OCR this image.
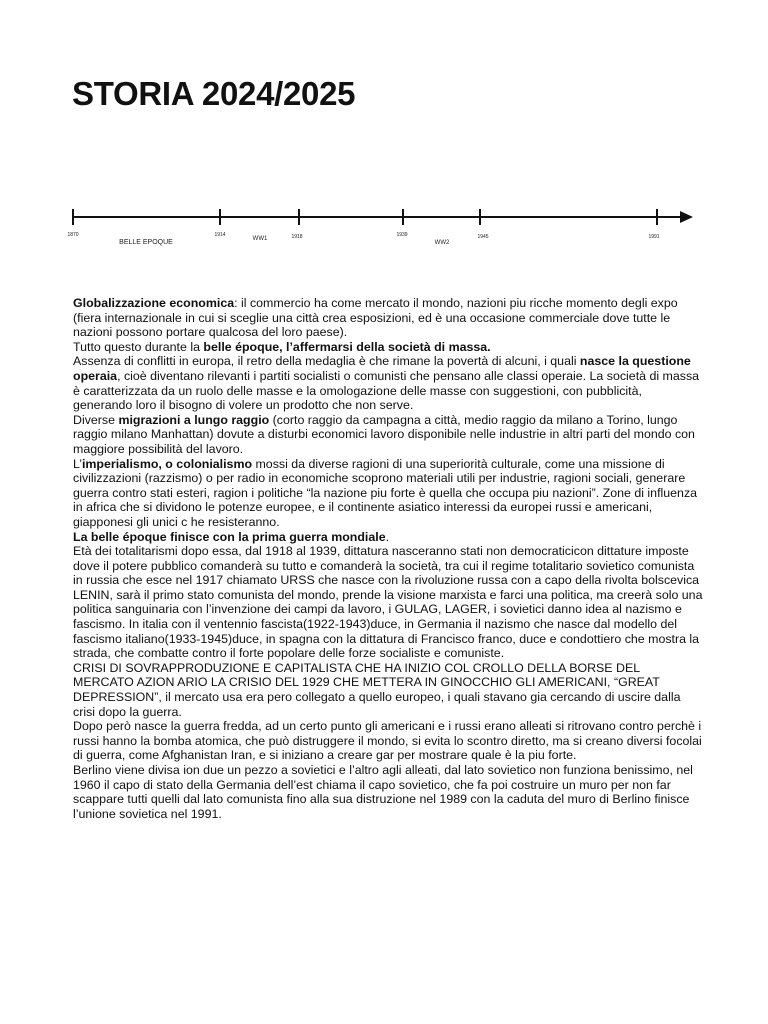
STORIA 2024/2025
1870	1914	1918	1939	1945	1991
BELLE EPOQUE	WW1
WW2

Globalizzazione economica: il commercio ha come mercato il mondo, nazioni piu ricche momento degli expo (fiera internazionale in cui si sceglie una città crea esposizioni, ed è una occasione commerciale dove tutte le nazioni possono portare qualcosa del loro paese).

Tutto questo durante la belle époque, l’affermarsi della società di massa.

Assenza di conflitti in europa, il retro della medaglia è che rimane la povertà di alcuni, i quali nasce la questione operaia, cioè diventano rilevanti i partiti socialisti o comunisti che pensano alle classi operaie. La società di massa è caratterizzata da un ruolo delle masse e la omologazione delle masse con suggestioni, con pubblicità, generando loro il bisogno di volere un prodotto che non serve.

Diverse migrazioni a lungo raggio (corto raggio da campagna a città, medio raggio da milano a Torino, lungo raggio milano Manhattan) dovute a disturbi economici lavoro disponibile nelle industrie in altri parti del mondo con maggiore possibilità del lavoro.

L’imperialismo, o colonialismo mossi da diverse ragioni di una superiorità culturale, come una missione di civilizzazioni (razzismo) o per radio in economiche scoprono materiali utili per industrie, ragioni sociali, generare guerra contro stati esteri, ragion i politiche “la nazione piu forte è quella che occupa piu nazioni”. Zone di influenza in africa che si dividono le potenze europee, e il continente asiatico interessi da europei russi e americani, giapponesi gli unici c he resisteranno.

La belle époque finisce con la prima guerra mondiale.

Età dei totalitarismi dopo essa, dal 1918 al 1939, dittatura nasceranno stati non democraticicon dittature imposte dove il potere pubblico comanderà su tutto e comanderà la società, tra cui il regime totalitario sovietico comunista in russia che esce nel 1917 chiamato URSS che nasce con la rivoluzione russa con a capo della rivolta bolscevica LENIN, sarà il primo stato comunista del mondo, prende la visione marxista e farci una politica, ma creerà solo una politica sanguinaria con l’invenzione dei campi da lavoro, i GULAG, LAGER, i sovietici danno idea al nazismo e fascismo. In italia con il ventennio fascista(1922-1943)duce, in Germania il nazismo che nasce dal modello del fascismo italiano(1933-1945)duce, in spagna con la dittatura di Francisco franco, duce e condottiero che mostra la strada, che combatte contro il forte popolare delle forze socialiste e comuniste.

CRISI DI SOVRAPPRODUZIONE E CAPITALISTA CHE HA INIZIO COL CROLLO DELLA BORSE DEL MERCATO AZION ARIO LA CRISIO DEL 1929 CHE METTERA IN GINOCCHIO GLI AMERICANI, “GREAT DEPRESSION”, il mercato usa era pero collegato a quello europeo, i quali stavano gia cercando di uscire dalla crisi dopo la guerra.

Dopo però nasce la guerra fredda, ad un certo punto gli americani e i russi erano alleati si ritrovano contro perchè i russi hanno la bomba atomica, che può distruggere il mondo, si evita lo scontro diretto, ma si creano diversi focolai di guerra, come Afghanistan Iran, e si iniziano a creare gar per mostrare quale è la piu forte.

Berlino viene divisa ion due un pezzo a sovietici e l’altro agli alleati, dal lato sovietico non funziona benissimo, nel 1960 il capo di stato della Germania dell’est chiama il capo sovietico, che fa poi costruire un muro per non far scappare tutti quelli dal lato comunista fino alla sua distruzione nel 1989 con la caduta del muro di Berlino finisce l’unione sovietica nel 1991.
